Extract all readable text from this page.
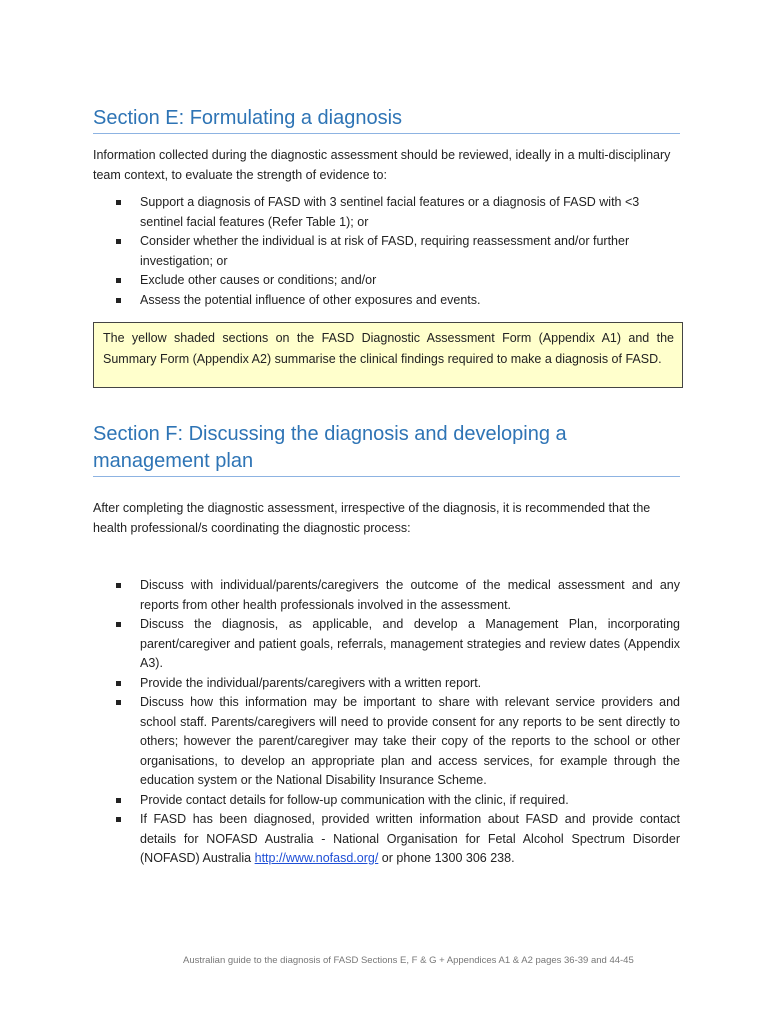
Section E: Formulating a diagnosis

Information collected during the diagnostic assessment should be reviewed, ideally in a multi-disciplinary team context, to evaluate the strength of evidence to:

Support a diagnosis of FASD with 3 sentinel facial features or a diagnosis of FASD with <3 sentinel facial features (Refer Table 1); or
Consider whether the individual is at risk of FASD, requiring reassessment and/or further investigation; or
Exclude other causes or conditions; and/or
Assess the potential influence of other exposures and events.
The yellow shaded sections on the FASD Diagnostic Assessment Form (Appendix A1) and the Summary Form (Appendix A2) summarise the clinical findings required to make a diagnosis of FASD.
Section F: Discussing the diagnosis and developing a management plan

After completing the diagnostic assessment, irrespective of the diagnosis, it is recommended that the health professional/s coordinating the diagnostic process:

Discuss with individual/parents/caregivers the outcome of the medical assessment and any reports from other health professionals involved in the assessment.
Discuss the diagnosis, as applicable, and develop a Management Plan, incorporating parent/caregiver and patient goals, referrals, management strategies and review dates (Appendix A3).
Provide the individual/parents/caregivers with a written report.
Discuss how this information may be important to share with relevant service providers and school staff. Parents/caregivers will need to provide consent for any reports to be sent directly to others; however the parent/caregiver may take their copy of the reports to the school or other organisations, to develop an appropriate plan and access services, for example through the education system or the National Disability Insurance Scheme.
Provide contact details for follow-up communication with the clinic, if required.
If FASD has been diagnosed, provided written information about FASD and provide contact details for NOFASD Australia - National Organisation for Fetal Alcohol Spectrum Disorder (NOFASD) Australia http://www.nofasd.org/ or phone 1300 306 238.

Australian guide to the diagnosis of FASD Sections E, F & G + Appendices A1 & A2 pages 36-39 and 44-45
